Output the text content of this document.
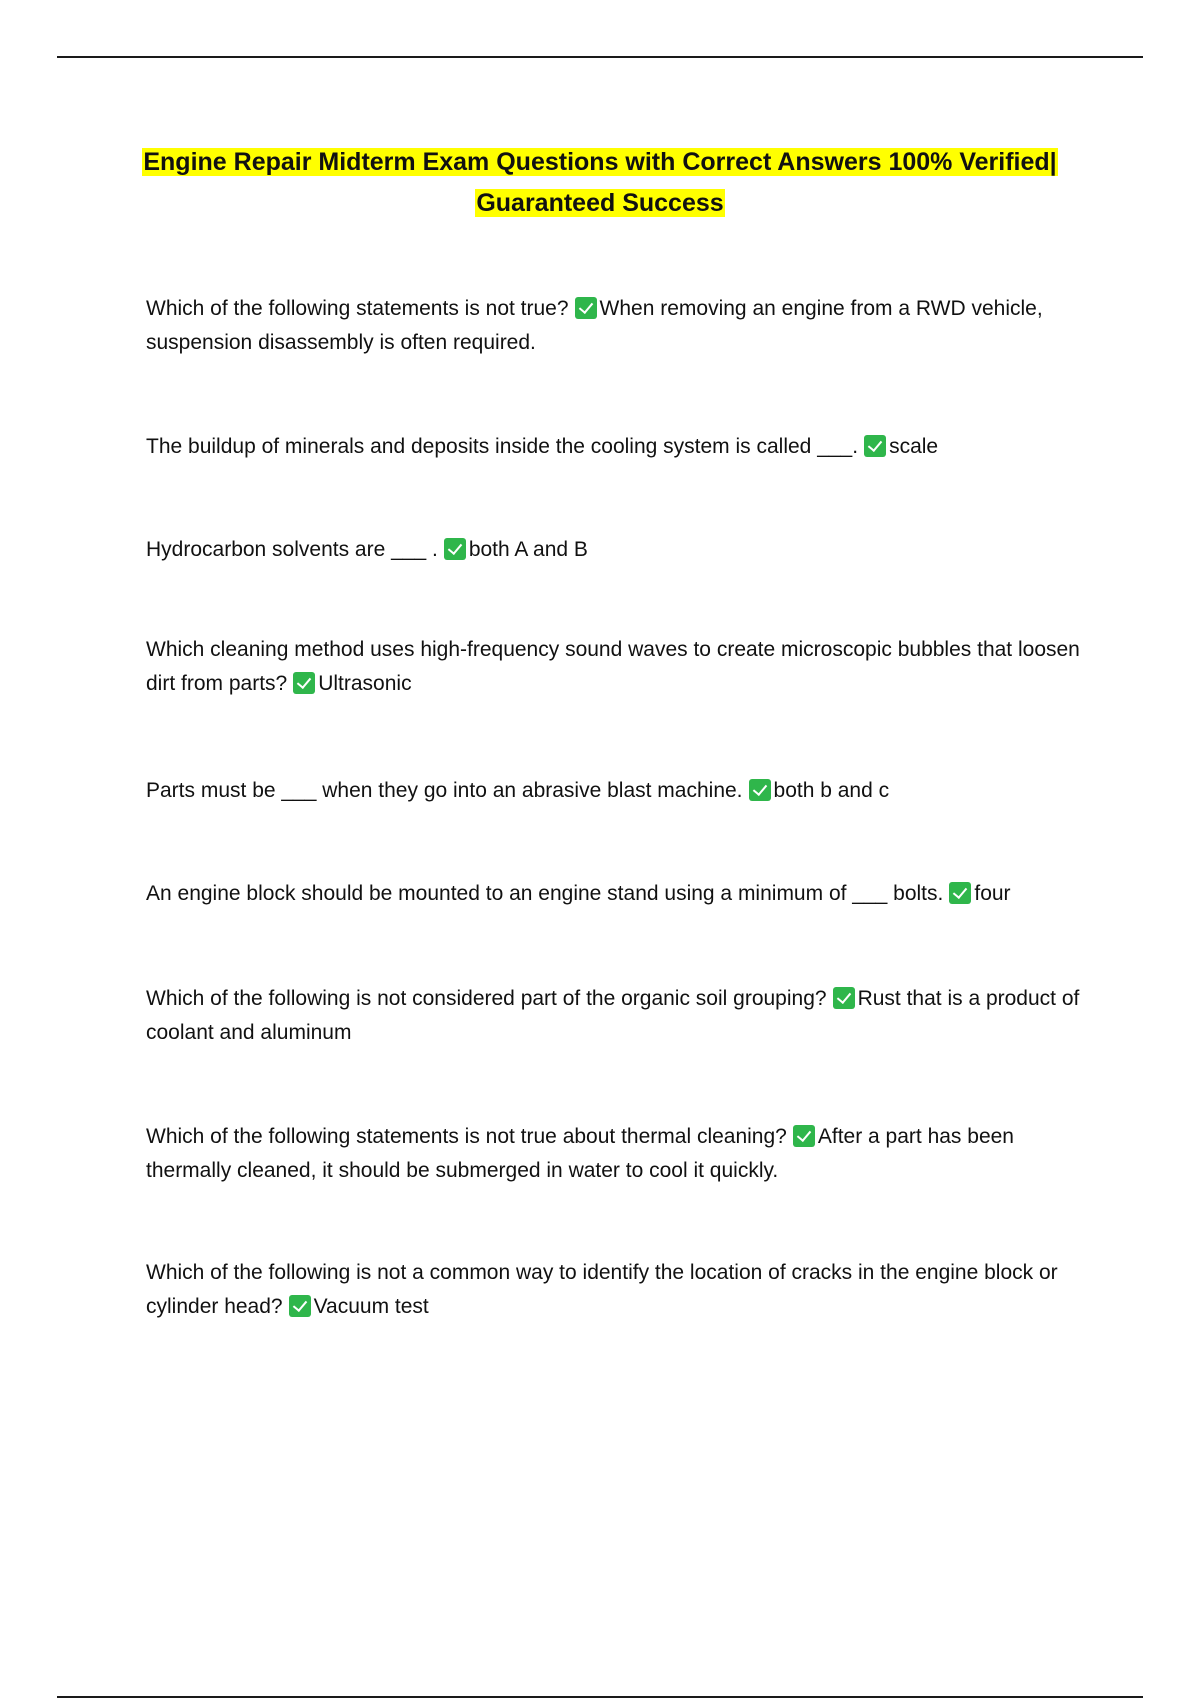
Engine Repair Midterm Exam Questions with Correct Answers 100% Verified|
Guaranteed Success
Which of the following statements is not true? When removing an engine from a RWD vehicle, suspension disassembly is often required.
The buildup of minerals and deposits inside the cooling system is called ___. scale
Hydrocarbon solvents are ___ . both A and B
Which cleaning method uses high-frequency sound waves to create microscopic bubbles that loosen dirt from parts? Ultrasonic
Parts must be ___ when they go into an abrasive blast machine. both b and c
An engine block should be mounted to an engine stand using a minimum of ___ bolts. four
Which of the following is not considered part of the organic soil grouping? Rust that is a product of coolant and aluminum
Which of the following statements is not true about thermal cleaning? After a part has been thermally cleaned, it should be submerged in water to cool it quickly.
Which of the following is not a common way to identify the location of cracks in the engine block or cylinder head? Vacuum test
